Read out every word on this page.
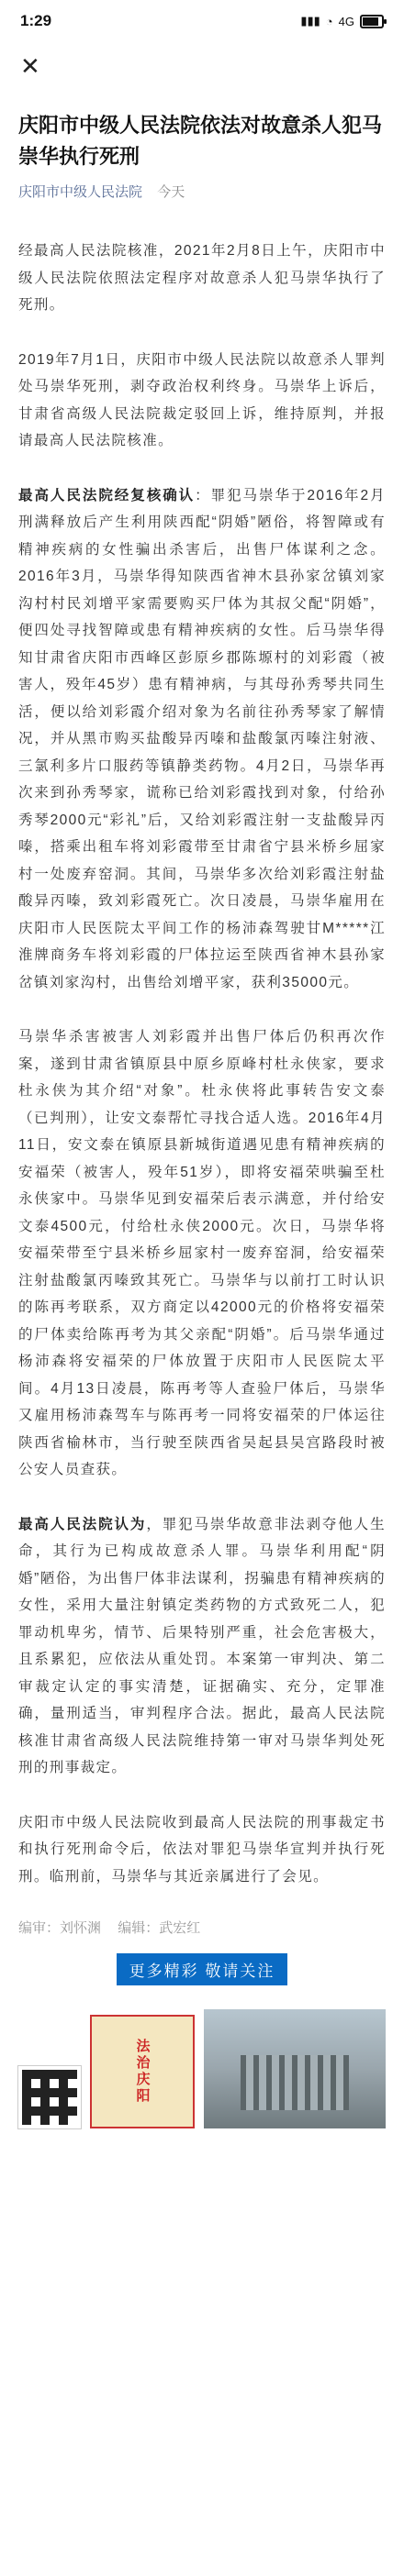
1:29	▮▮▮ ◔ 4G
✕
庆阳市中级人民法院依法对故意杀人犯马崇华执行死刑
庆阳市中级人民法院 今天

经最高人民法院核准，2021年2月8日上午，庆阳市中级人民法院依照法定程序对故意杀人犯马崇华执行了死刑。

2019年7月1日，庆阳市中级人民法院以故意杀人罪判处马崇华死刑，剥夺政治权利终身。马崇华上诉后，甘肃省高级人民法院裁定驳回上诉，维持原判，并报请最高人民法院核准。

最高人民法院经复核确认：罪犯马崇华于2016年2月刑满释放后产生利用陕西配“阴婚”陋俗，将智障或有精神疾病的女性骗出杀害后，出售尸体谋利之念。2016年3月，马崇华得知陕西省神木县孙家岔镇刘家沟村村民刘增平家需要购买尸体为其叔父配“阴婚”，便四处寻找智障或患有精神疾病的女性。后马崇华得知甘肃省庆阳市西峰区彭原乡郡陈塬村的刘彩霞（被害人，殁年45岁）患有精神病，与其母孙秀琴共同生活，便以给刘彩霞介绍对象为名前往孙秀琴家了解情况，并从黑市购买盐酸异丙嗪和盐酸氯丙嗪注射液、三氯利多片口服药等镇静类药物。4月2日，马崇华再次来到孙秀琴家，谎称已给刘彩霞找到对象，付给孙秀琴2000元“彩礼”后，又给刘彩霞注射一支盐酸异丙嗪，搭乘出租车将刘彩霞带至甘肃省宁县米桥乡屈家村一处废弃窑洞。其间，马崇华多次给刘彩霞注射盐酸异丙嗪，致刘彩霞死亡。次日凌晨，马崇华雇用在庆阳市人民医院太平间工作的杨沛森驾驶甘M*****江淮牌商务车将刘彩霞的尸体拉运至陕西省神木县孙家岔镇刘家沟村，出售给刘增平家，获利35000元。

马崇华杀害被害人刘彩霞并出售尸体后仍积再次作案，遂到甘肃省镇原县中原乡原峰村杜永侠家，要求杜永侠为其介绍“对象”。杜永侠将此事转告安文泰（已判刑），让安文泰帮忙寻找合适人选。2016年4月11日，安文泰在镇原县新城街道遇见患有精神疾病的安福荣（被害人，殁年51岁），即将安福荣哄骗至杜永侠家中。马崇华见到安福荣后表示满意，并付给安文泰4500元，付给杜永侠2000元。次日，马崇华将安福荣带至宁县米桥乡屈家村一废弃窑洞，给安福荣注射盐酸氯丙嗪致其死亡。马崇华与以前打工时认识的陈再考联系，双方商定以42000元的价格将安福荣的尸体卖给陈再考为其父亲配“阴婚”。后马崇华通过杨沛森将安福荣的尸体放置于庆阳市人民医院太平间。4月13日凌晨，陈再考等人查验尸体后，马崇华又雇用杨沛森驾车与陈再考一同将安福荣的尸体运往陕西省榆林市，当行驶至陕西省吴起县吴宫路段时被公安人员查获。

最高人民法院认为，罪犯马崇华故意非法剥夺他人生命，其行为已构成故意杀人罪。马崇华利用配“阴婚”陋俗，为出售尸体非法谋利，拐骗患有精神疾病的女性，采用大量注射镇定类药物的方式致死二人，犯罪动机卑劣，情节、后果特别严重，社会危害极大，且系累犯，应依法从重处罚。本案第一审判决、第二审裁定认定的事实清楚，证据确实、充分，定罪准确，量刑适当，审判程序合法。据此，最高人民法院核准甘肃省高级人民法院维持第一审对马崇华判处死刑的刑事裁定。

庆阳市中级人民法院收到最高人民法院的刑事裁定书和执行死刑命令后，依法对罪犯马崇华宣判并执行死刑。临刑前，马崇华与其近亲属进行了会见。

编审：刘怀渊 编辑：武宏红
更多精彩 敬请关注
法治庆阳
